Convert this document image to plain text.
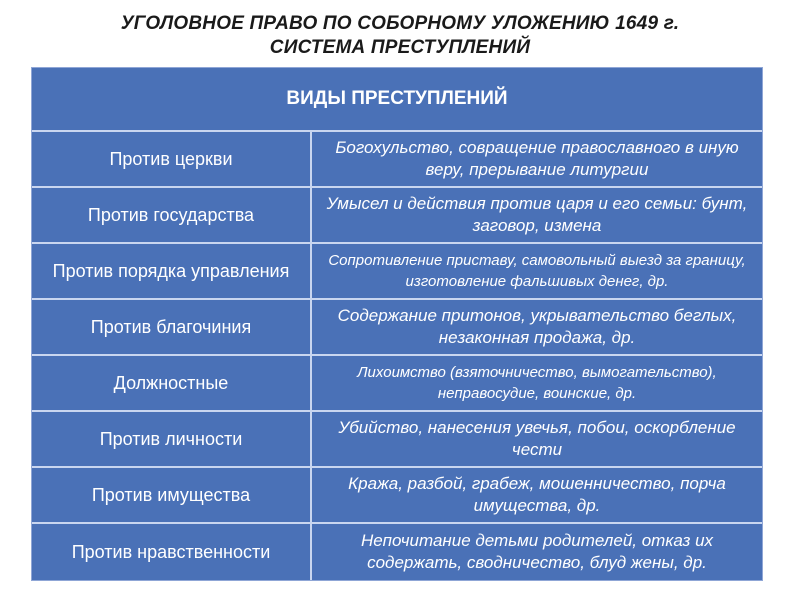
УГОЛОВНОЕ ПРАВО ПО СОБОРНОМУ УЛОЖЕНИЮ 1649 г.
СИСТЕМА ПРЕСТУПЛЕНИЙ
ВИДЫ ПРЕСТУПЛЕНИЙ
Против церкви
Богохульство, совращение православного в иную веру, прерывание литургии
Против государства
Умысел и действия против царя и его семьи: бунт, заговор, измена
Против порядка управления
Сопротивление приставу, самовольный выезд за границу, изготовление фальшивых денег, др.
Против благочиния
Содержание притонов, укрывательство беглых, незаконная продажа, др.
Должностные
Лихоимство (взяточничество, вымогательство), неправосудие, воинские, др.
Против личности
Убийство, нанесения увечья, побои, оскорбление чести
Против имущества
Кража, разбой, грабеж, мошенничество, порча имущества, др.
Против нравственности
Непочитание детьми родителей, отказ их содержать, сводничество, блуд жены, др.
